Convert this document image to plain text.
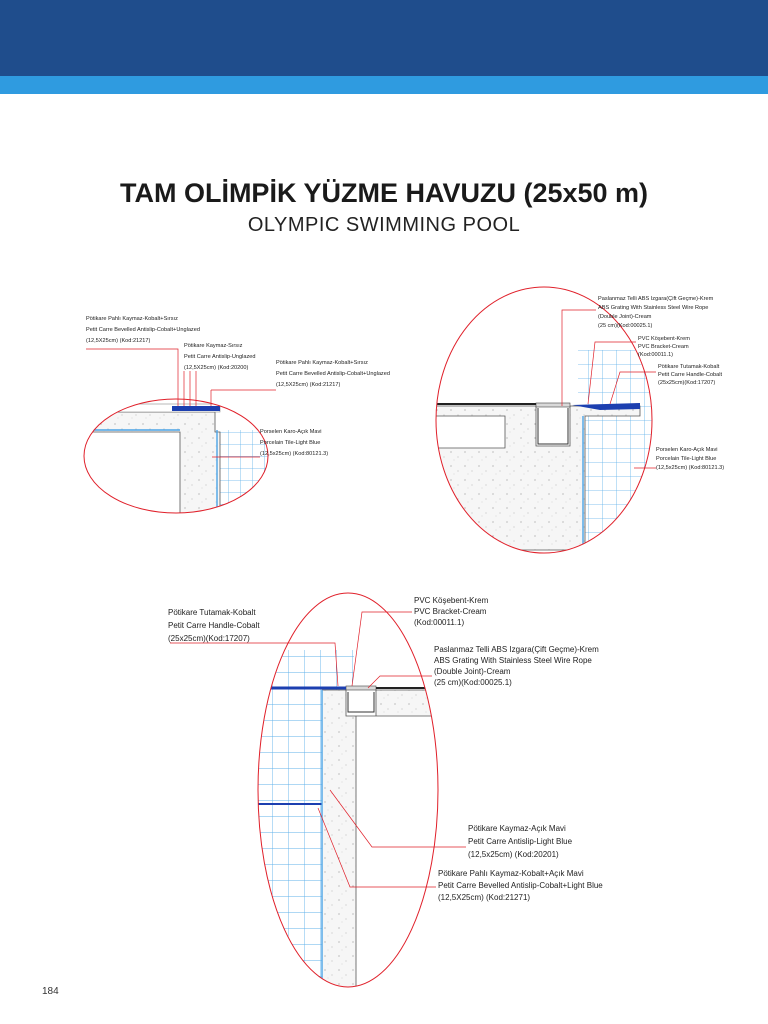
TAM OLİMPİK YÜZME HAVUZU (25x50 m)
OLYMPIC SWIMMING POOL
Pötikare Pahlı Kaymaz-Kobalt+Sırsız Petit Carre Bevelled Antislip-Cobalt+Unglazed (12,5X25cm) (Kod:21217)
Pötikare Kaymaz-Sırsız Petit Carre Antislip-Unglazed (12,5X25cm) (Kod:20200)
Pötikare Pahlı Kaymaz-Kobalt+Sırsız Petit Carre Bevelled Antislip-Cobalt+Unglazed (12,5X25cm) (Kod:21217)
Porselen Karo-Açık Mavi Porcelain Tile-Light Blue (12,5x25cm) (Kod:80121.3)
Paslanmaz Telli ABS Izgara(Çift Geçme)-Krem ABS Grating With Stainless Steel Wire Rope (Double Joint)-Cream (25 cm)(Kod:00025.1)
PVC Köşebent-Krem PVC Bracket-Cream (Kod:00011.1)
Pötikare Tutamak-Kobalt Petit Carre Handle-Cobalt (25x25cm)(Kod:17207)
Porselen Karo-Açık Mavi Porcelain Tile-Light Blue (12,5x25cm) (Kod:80121.3)
Pötikare Tutamak-Kobalt Petit Carre Handle-Cobalt (25x25cm)(Kod:17207)
PVC Köşebent-Krem PVC Bracket-Cream (Kod:00011.1)
Paslanmaz Telli ABS Izgara(Çift Geçme)-Krem ABS Grating With Stainless Steel Wire Rope (Double Joint)-Cream (25 cm)(Kod:00025.1)
Pötikare Kaymaz-Açık Mavi Petit Carre Antislip-Light Blue (12,5x25cm) (Kod:20201)
Pötikare Pahlı Kaymaz-Kobalt+Açık Mavi Petit Carre Bevelled Antislip-Cobalt+Light Blue (12,5X25cm) (Kod:21271)
184
